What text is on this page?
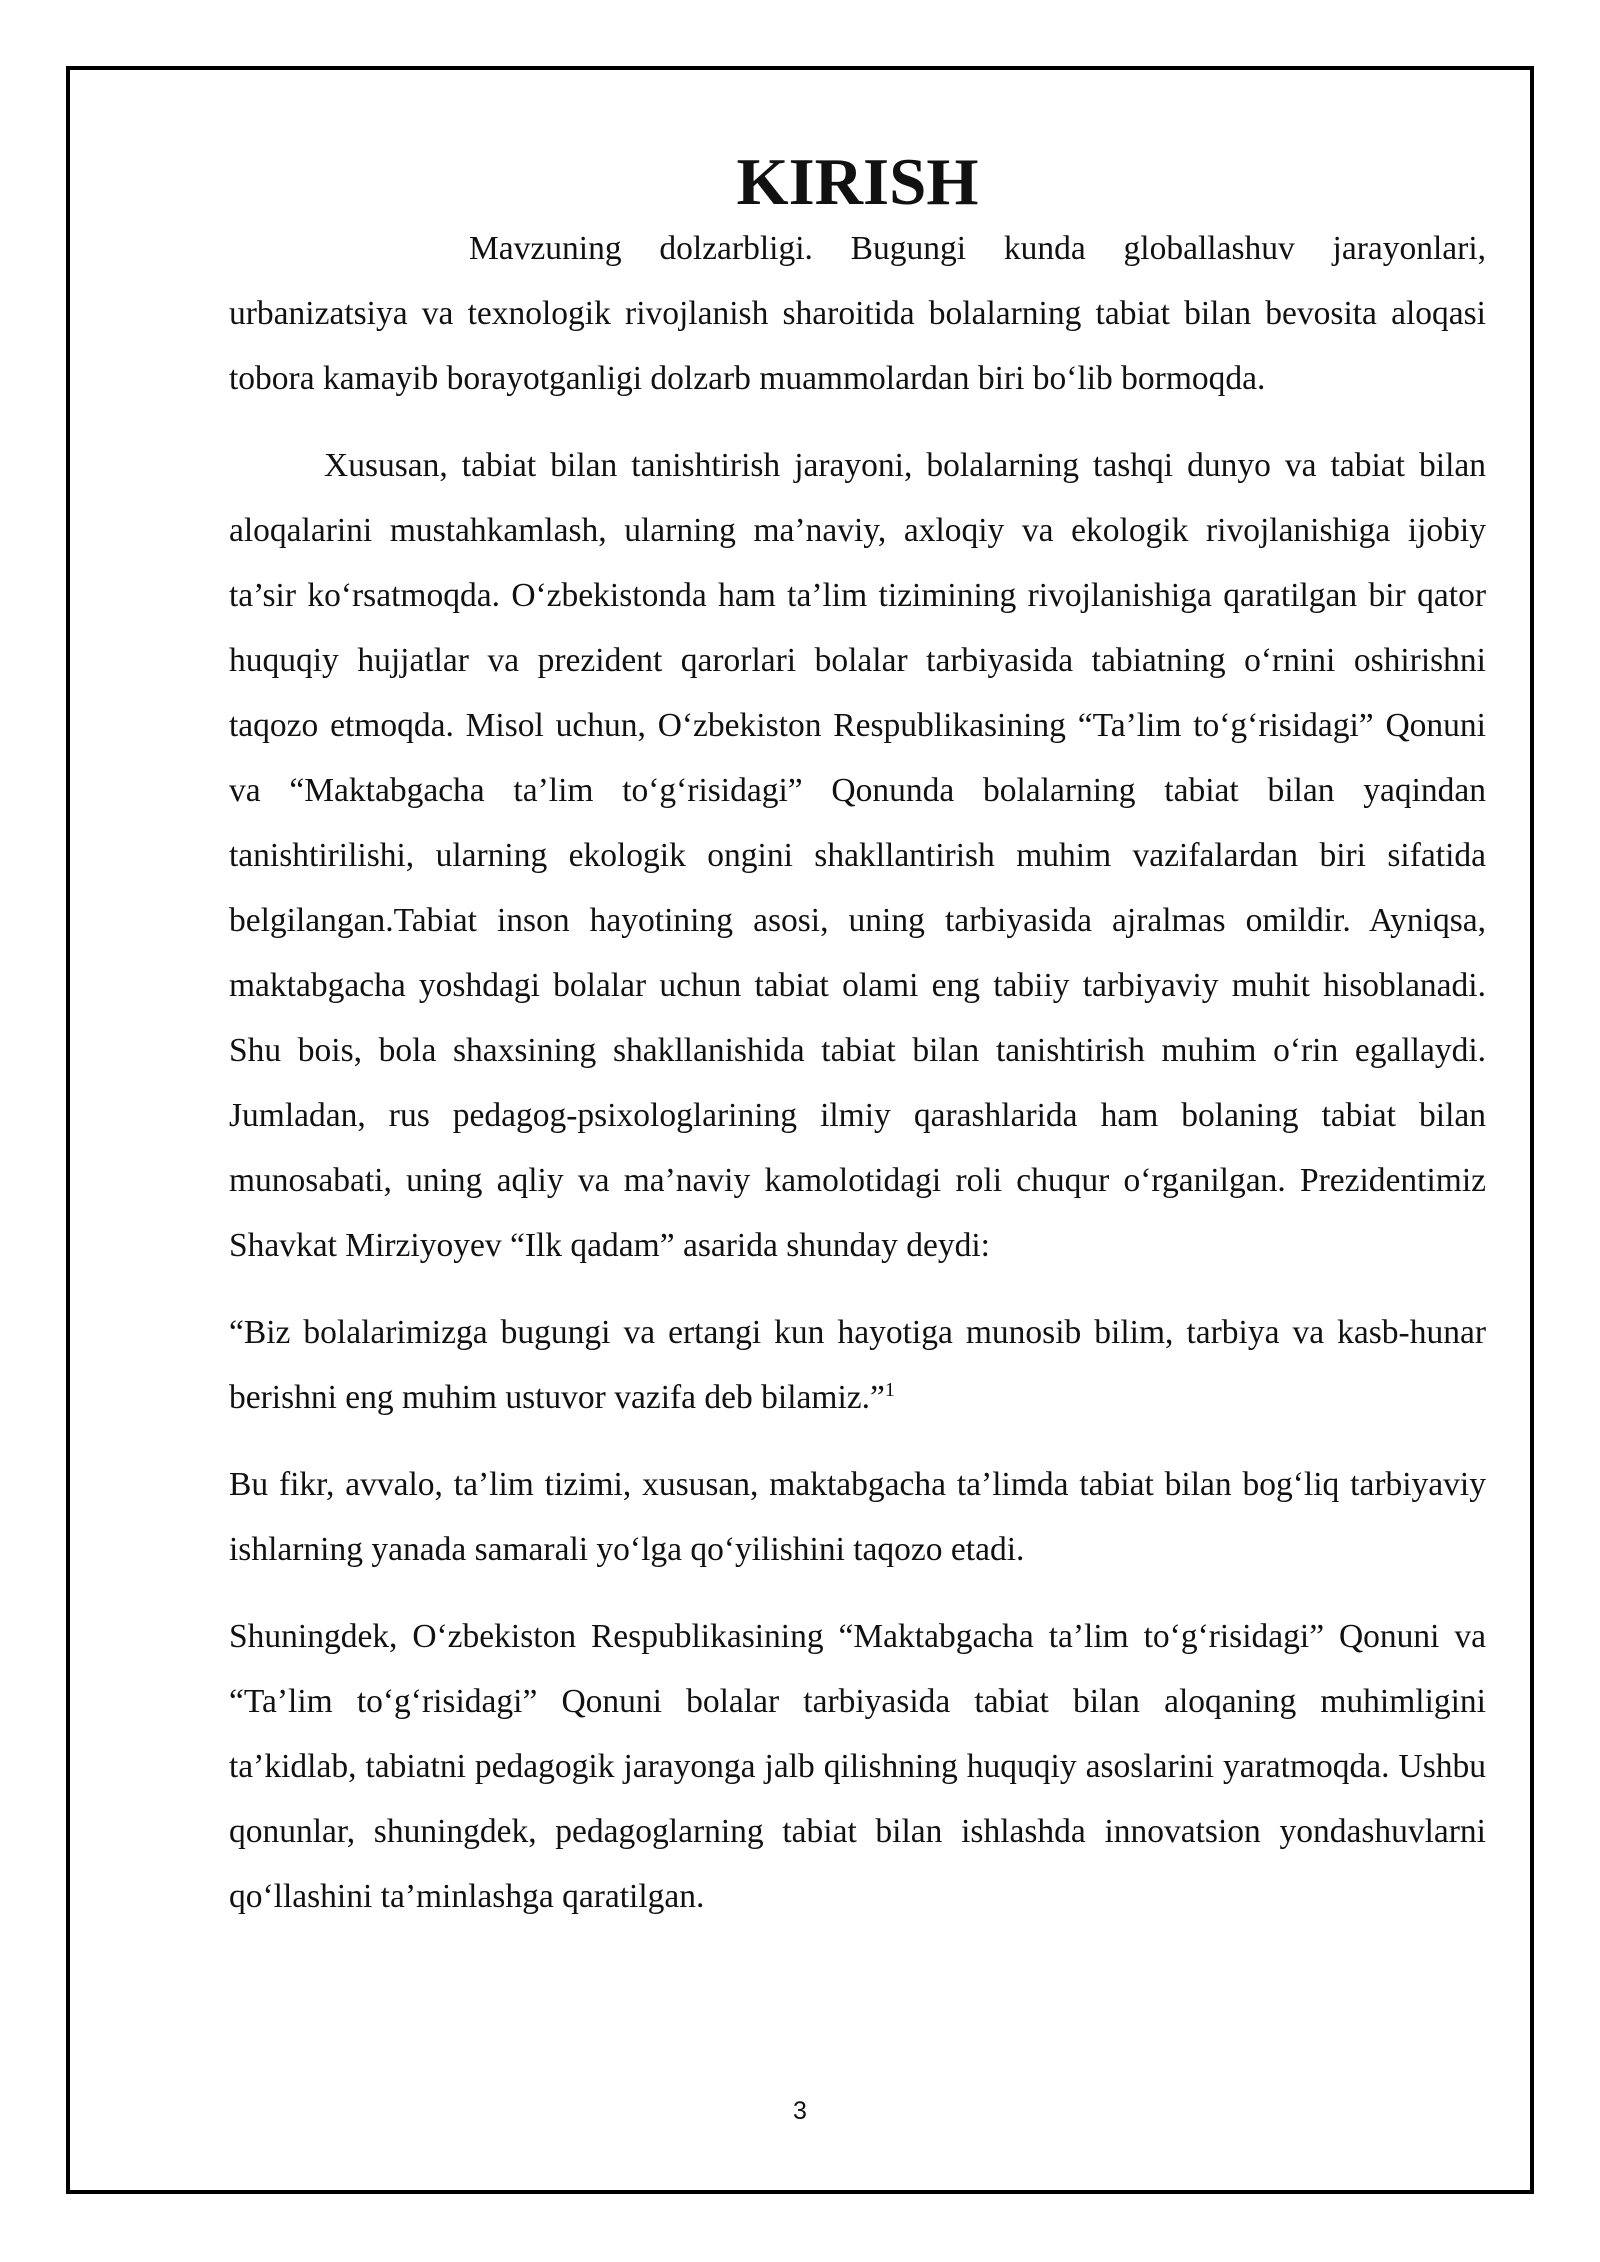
KIRISH

Mavzuning dolzarbligi. Bugungi kunda globallashuv jarayonlari, urbanizatsiya va texnologik rivojlanish sharoitida bolalarning tabiat bilan bevosita aloqasi tobora kamayib borayotganligi dolzarb muammolardan biri bo‘lib bormoqda.

Xususan, tabiat bilan tanishtirish jarayoni, bolalarning tashqi dunyo va tabiat bilan aloqalarini mustahkamlash, ularning ma’naviy, axloqiy va ekologik rivojlanishiga ijobiy ta’sir ko‘rsatmoqda. O‘zbekistonda ham ta’lim tizimining rivojlanishiga qaratilgan bir qator huquqiy hujjatlar va prezident qarorlari bolalar tarbiyasida tabiatning o‘rnini oshirishni taqozo etmoqda. Misol uchun, O‘zbekiston Respublikasining “Ta’lim to‘g‘risidagi” Qonuni va “Maktabgacha ta’lim to‘g‘risidagi” Qonunda bolalarning tabiat bilan yaqindan tanishtirilishi, ularning ekologik ongini shakllantirish muhim vazifalardan biri sifatida belgilangan.Tabiat inson hayotining asosi, uning tarbiyasida ajralmas omildir. Ayniqsa, maktabgacha yoshdagi bolalar uchun tabiat olami eng tabiiy tarbiyaviy muhit hisoblanadi. Shu bois, bola shaxsining shakllanishida tabiat bilan tanishtirish muhim o‘rin egallaydi. Jumladan, rus pedagog-psixologlarining ilmiy qarashlarida ham bolaning tabiat bilan munosabati, uning aqliy va ma’naviy kamolotidagi roli chuqur o‘rganilgan. Prezidentimiz Shavkat Mirziyoyev “Ilk qadam” asarida shunday deydi:

“Biz bolalarimizga bugungi va ertangi kun hayotiga munosib bilim, tarbiya va kasb-hunar berishni eng muhim ustuvor vazifa deb bilamiz.”$^1$

Bu fikr, avvalo, ta’lim tizimi, xususan, maktabgacha ta’limda tabiat bilan bog‘liq tarbiyaviy ishlarning yanada samarali yo‘lga qo‘yilishini taqozo etadi.

Shuningdek, O‘zbekiston Respublikasining “Maktabgacha ta’lim to‘g‘risidagi” Qonuni va “Ta’lim to‘g‘risidagi” Qonuni bolalar tarbiyasida tabiat bilan aloqaning muhimligini ta’kidlab, tabiatni pedagogik jarayonga jalb qilishning huquqiy asoslarini yaratmoqda. Ushbu qonunlar, shuningdek, pedagoglarning tabiat bilan ishlashda innovatsion yondashuvlarni qo‘llashini ta’minlashga qaratilgan.

3
